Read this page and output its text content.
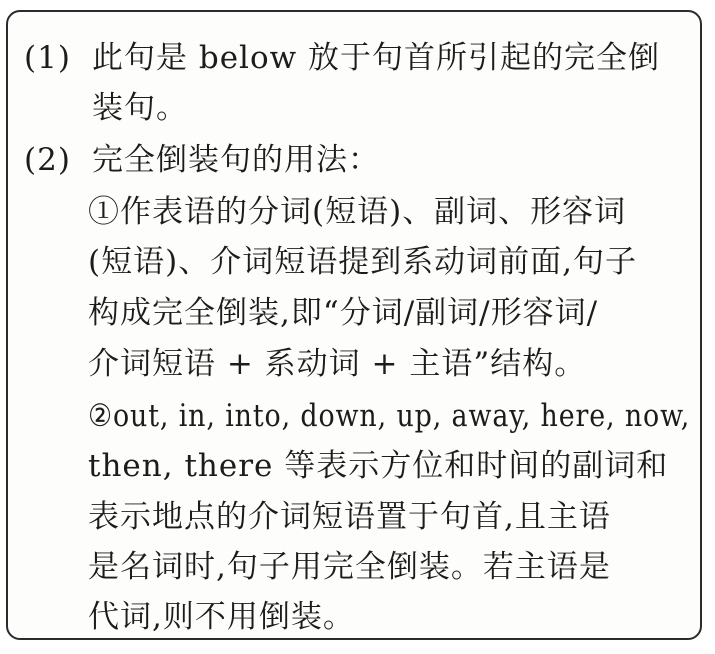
(1) 此句是 below 放于句首所引起的完全倒
装句。
(2) 完全倒装句的用法：
①作表语的分词(短语)、副词、形容词
(短语)、介词短语提到系动词前面,句子
构成完全倒装,即“分词/副词/形容词/
介词短语 + 系动词 + 主语”结构。
②out, in, into, down, up, away, here, now,
then, there 等表示方位和时间的副词和
表示地点的介词短语置于句首,且主语
是名词时,句子用完全倒装。若主语是
代词,则不用倒装。
